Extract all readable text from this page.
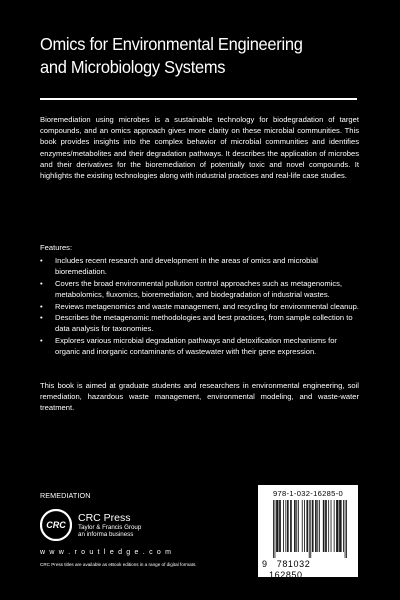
Omics for Environmental Engineering
and Microbiology Systems

Bioremediation using microbes is a sustainable technology for biodegradation of target compounds, and an omics approach gives more clarity on these microbial communities. This book provides insights into the complex behavior of microbial communities and identifies enzymes/metabolites and their degradation pathways. It describes the application of microbes and their derivatives for the bioremediation of potentially toxic and novel compounds. It highlights the existing technologies along with industrial practices and real-life case studies.

Features:

• Includes recent research and development in the areas of omics and microbial bioremediation.
• Covers the broad environmental pollution control approaches such as metagenomics, metabolomics, fluxomics, bioremediation, and biodegradation of industrial wastes.
• Reviews metagenomics and waste management, and recycling for environmental cleanup.
• Describes the metagenomic methodologies and best practices, from sample collection to data analysis for taxonomies.
• Explores various microbial degradation pathways and detoxification mechanisms for organic and inorganic contaminants of wastewater with their gene expression.

This book is aimed at graduate students and researchers in environmental engineering, soil remediation, hazardous waste management, environmental modeling, and waste-water treatment.

REMEDIATION
CRC
CRC Press
Taylor & Francis Group
an informa business
w w w . r o u t l e d g e . c o m
CRC Press titles are available as eBook editions in a range of digital formats.
978-1-032-16285-0
9 781032 162850
